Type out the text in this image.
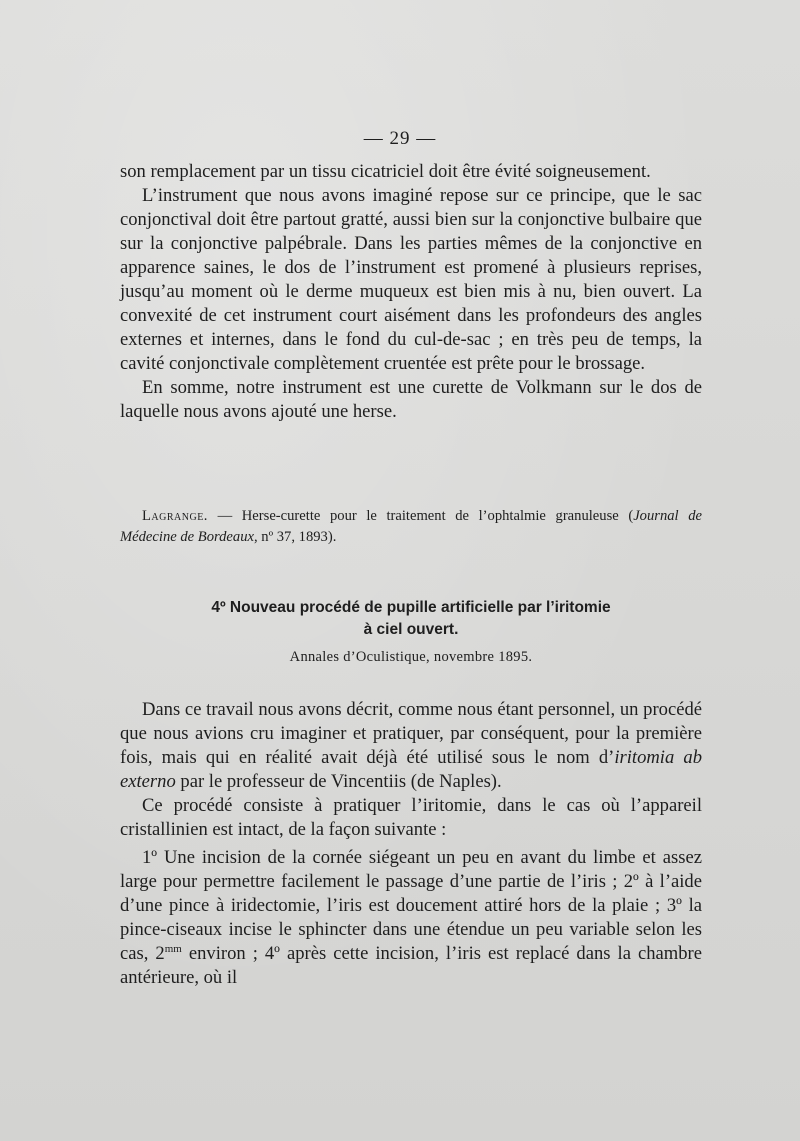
— 29 —

son remplacement par un tissu cicatriciel doit être évité soigneusement.

L’instrument que nous avons imaginé repose sur ce principe, que le sac conjonctival doit être partout gratté, aussi bien sur la conjonctive bulbaire que sur la conjonctive palpébrale. Dans les parties mêmes de la conjonctive en apparence saines, le dos de l’instrument est promené à plusieurs reprises, jusqu’au moment où le derme muqueux est bien mis à nu, bien ouvert. La convexité de cet instrument court aisément dans les profondeurs des angles externes et internes, dans le fond du cul-de-sac ; en très peu de temps, la cavité conjonctivale complètement cruentée est prête pour le brossage.

En somme, notre instrument est une curette de Volkmann sur le dos de laquelle nous avons ajouté une herse.

Lagrange. — Herse-curette pour le traitement de l’ophtalmie granuleuse (Journal de Médecine de Bordeaux, nº 37, 1893).

4º Nouveau procédé de pupille artificielle par l’iritomie
à ciel ouvert.

Annales d’Oculistique, novembre 1895.

Dans ce travail nous avons décrit, comme nous étant personnel, un procédé que nous avions cru imaginer et pratiquer, par conséquent, pour la première fois, mais qui en réalité avait déjà été utilisé sous le nom d’iritomia ab externo par le professeur de Vincentiis (de Naples).

Ce procédé consiste à pratiquer l’iritomie, dans le cas où l’appareil cristallinien est intact, de la façon suivante :

1º Une incision de la cornée siégeant un peu en avant du limbe et assez large pour permettre facilement le passage d’une partie de l’iris ; 2º à l’aide d’une pince à iridectomie, l’iris est doucement attiré hors de la plaie ; 3º la pince-ciseaux incise le sphincter dans une étendue un peu variable selon les cas, $2^{mm}$ environ ; 4º après cette incision, l’iris est replacé dans la chambre antérieure, où il
